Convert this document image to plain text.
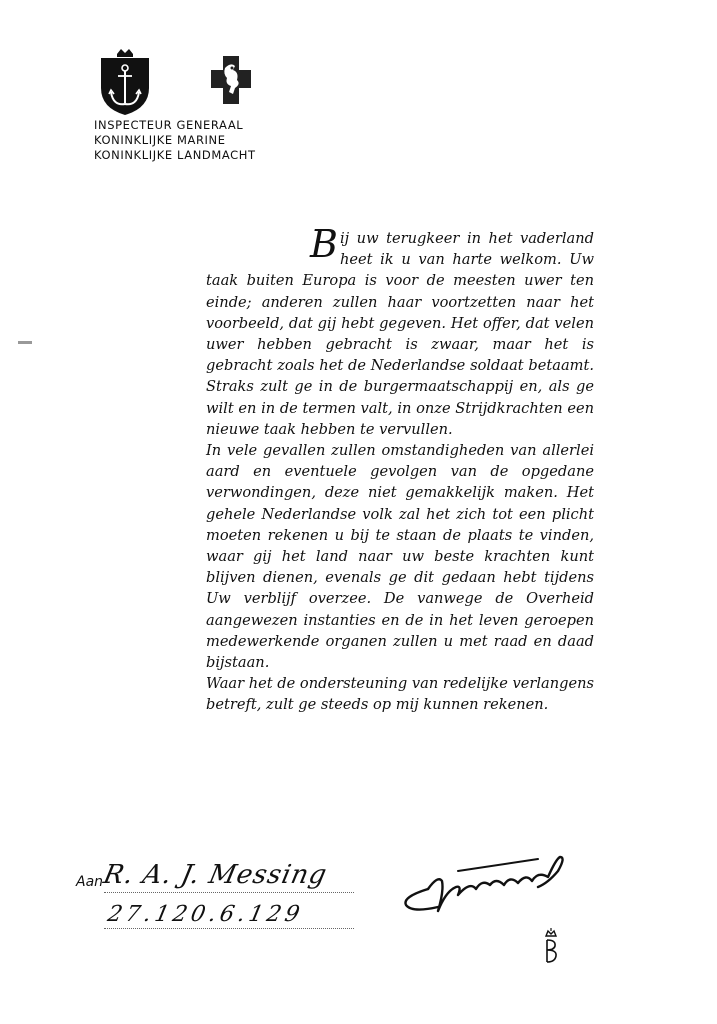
INSPECTEUR GENERAAL
KONINKLIJKE MARINE
KONINKLIJKE LANDMACHT

Bij uw terugkeer in het vaderland heet ik u van harte welkom. Uw taak buiten Europa is voor de meesten uwer ten einde; anderen zullen haar voortzetten naar het voorbeeld, dat gij hebt gegeven. Het offer, dat velen uwer hebben gebracht is zwaar, maar het is gebracht zoals het de Nederlandse soldaat betaamt. Straks zult ge in de burgermaatschappij en, als ge wilt en in de termen valt, in onze Strijdkrachten een nieuwe taak hebben te vervullen.

In vele gevallen zullen omstandigheden van allerlei aard en eventuele gevolgen van de opgedane verwondingen, deze niet gemakkelijk maken. Het gehele Nederlandse volk zal het zich tot een plicht moeten rekenen u bij te staan de plaats te vinden, waar gij het land naar uw beste krachten kunt blijven dienen, evenals ge dit gedaan hebt tijdens Uw verblijf overzee. De vanwege de Overheid aangewezen instanties en de in het leven geroepen medewerkende organen zullen u met raad en daad bijstaan.

Waar het de ondersteuning van redelijke verlangens betreft, zult ge steeds op mij kunnen rekenen.

Aan
R. A. J. Messing
27.120.6.129
